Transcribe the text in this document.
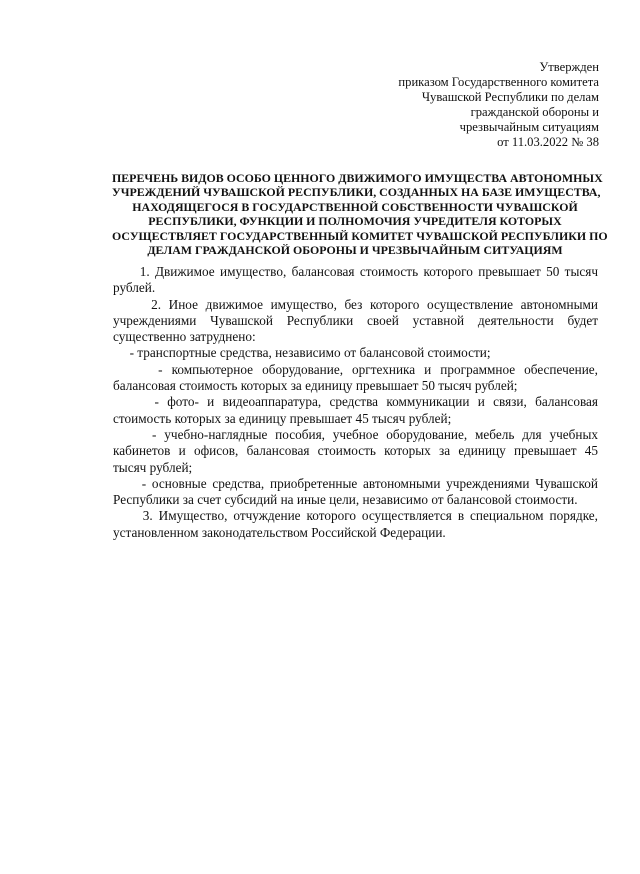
Утвержден
приказом Государственного комитета
Чувашской Республики по делам
гражданской обороны и
чрезвычайным ситуациям
от 11.03.2022 № 38
ПЕРЕЧЕНЬ ВИДОВ ОСОБО ЦЕННОГО ДВИЖИМОГО ИМУЩЕСТВА АВТОНОМНЫХ
УЧРЕЖДЕНИЙ ЧУВАШСКОЙ РЕСПУБЛИКИ, СОЗДАННЫХ НА БАЗЕ ИМУЩЕСТВА,
НАХОДЯЩЕГОСЯ В ГОСУДАРСТВЕННОЙ СОБСТВЕННОСТИ ЧУВАШСКОЙ
РЕСПУБЛИКИ, ФУНКЦИИ И ПОЛНОМОЧИЯ УЧРЕДИТЕЛЯ КОТОРЫХ
ОСУЩЕСТВЛЯЕТ ГОСУДАРСТВЕННЫЙ КОМИТЕТ ЧУВАШСКОЙ РЕСПУБЛИКИ ПО
ДЕЛАМ ГРАЖДАНСКОЙ ОБОРОНЫ И ЧРЕЗВЫЧАЙНЫМ СИТУАЦИЯМ
1. Движимое имущество, балансовая стоимость которого превышает 50 тысяч
рублей.
2. Иное движимое имущество, без которого осуществление автономными
учреждениями Чувашской Республики своей уставной деятельности будет
существенно затруднено:
- транспортные средства, независимо от балансовой стоимости;
- компьютерное оборудование, оргтехника и программное обеспечение,
балансовая стоимость которых за единицу превышает 50 тысяч рублей;
- фото- и видеоаппаратура, средства коммуникации и связи, балансовая
стоимость которых за единицу превышает 45 тысяч рублей;
- учебно-наглядные пособия, учебное оборудование, мебель для учебных
кабинетов и офисов, балансовая стоимость которых за единицу превышает 45
тысяч рублей;
- основные средства, приобретенные автономными учреждениями Чувашской
Республики за счет субсидий на иные цели, независимо от балансовой стоимости.
3. Имущество, отчуждение которого осуществляется в специальном порядке,
установленном законодательством Российской Федерации.
